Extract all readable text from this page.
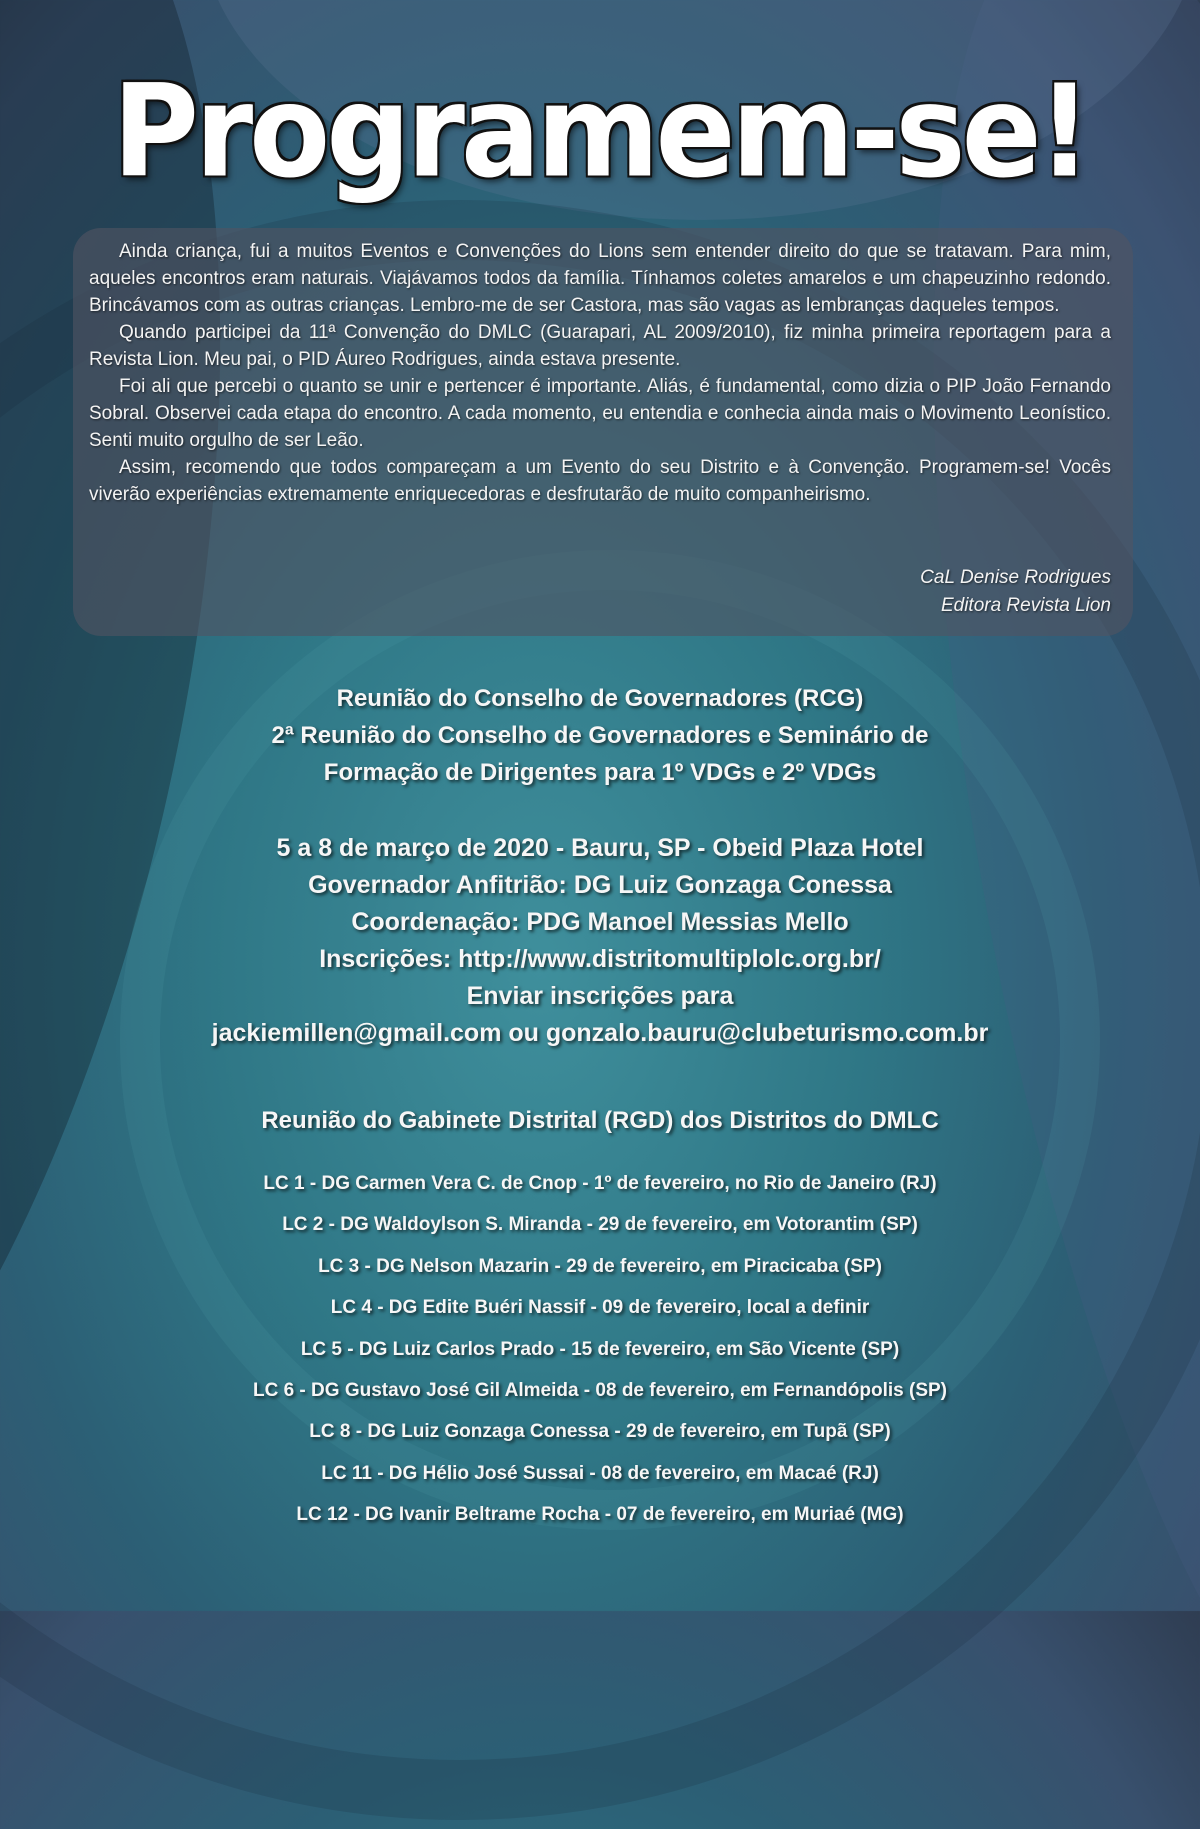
Programem-se!

Ainda criança, fui a muitos Eventos e Convenções do Lions sem entender direito do que se tratavam. Para mim, aqueles encontros eram naturais. Viajávamos todos da família. Tínhamos coletes amarelos e um chapeuzinho redondo. Brincávamos com as outras crianças. Lembro-me de ser Castora, mas são vagas as lembranças daqueles tempos.

Quando participei da 11ª Convenção do DMLC (Guarapari, AL 2009/2010), fiz minha primeira reportagem para a Revista Lion. Meu pai, o PID Áureo Rodrigues, ainda estava presente.

Foi ali que percebi o quanto se unir e pertencer é importante. Aliás, é fundamental, como dizia o PIP João Fernando Sobral. Observei cada etapa do encontro. A cada momento, eu entendia e conhecia ainda mais o Movimento Leonístico. Senti muito orgulho de ser Leão.

Assim, recomendo que todos compareçam a um Evento do seu Distrito e à Convenção. Programem-se! Vocês viverão experiências extremamente enriquecedoras e desfrutarão de muito companheirismo.

CaL Denise Rodrigues
Editora Revista Lion
Reunião do Conselho de Governadores (RCG)
2ª Reunião do Conselho de Governadores e Seminário de
Formação de Dirigentes para 1º VDGs e 2º VDGs
5 a 8 de março de 2020 - Bauru, SP - Obeid Plaza Hotel
Governador Anfitrião: DG Luiz Gonzaga Conessa
Coordenação: PDG Manoel Messias Mello
Inscrições: http://www.distritomultiplolc.org.br/
Enviar inscrições para
jackiemillen@gmail.com ou gonzalo.bauru@clubeturismo.com.br
Reunião do Gabinete Distrital (RGD) dos Distritos do DMLC
LC 1 - DG Carmen Vera C. de Cnop - 1º de fevereiro, no Rio de Janeiro (RJ)
LC 2 - DG Waldoylson S. Miranda - 29 de fevereiro, em Votorantim (SP)
LC 3 - DG Nelson Mazarin - 29 de fevereiro, em Piracicaba (SP)
LC 4 - DG Edite Buéri Nassif - 09 de fevereiro, local a definir
LC 5 - DG Luiz Carlos Prado - 15 de fevereiro, em São Vicente (SP)
LC 6 - DG Gustavo José Gil Almeida - 08 de fevereiro, em Fernandópolis (SP)
LC 8 - DG Luiz Gonzaga Conessa - 29 de fevereiro, em Tupã (SP)
LC 11 - DG Hélio José Sussai - 08 de fevereiro, em Macaé (RJ)
LC 12 - DG Ivanir Beltrame Rocha - 07 de fevereiro, em Muriaé (MG)
